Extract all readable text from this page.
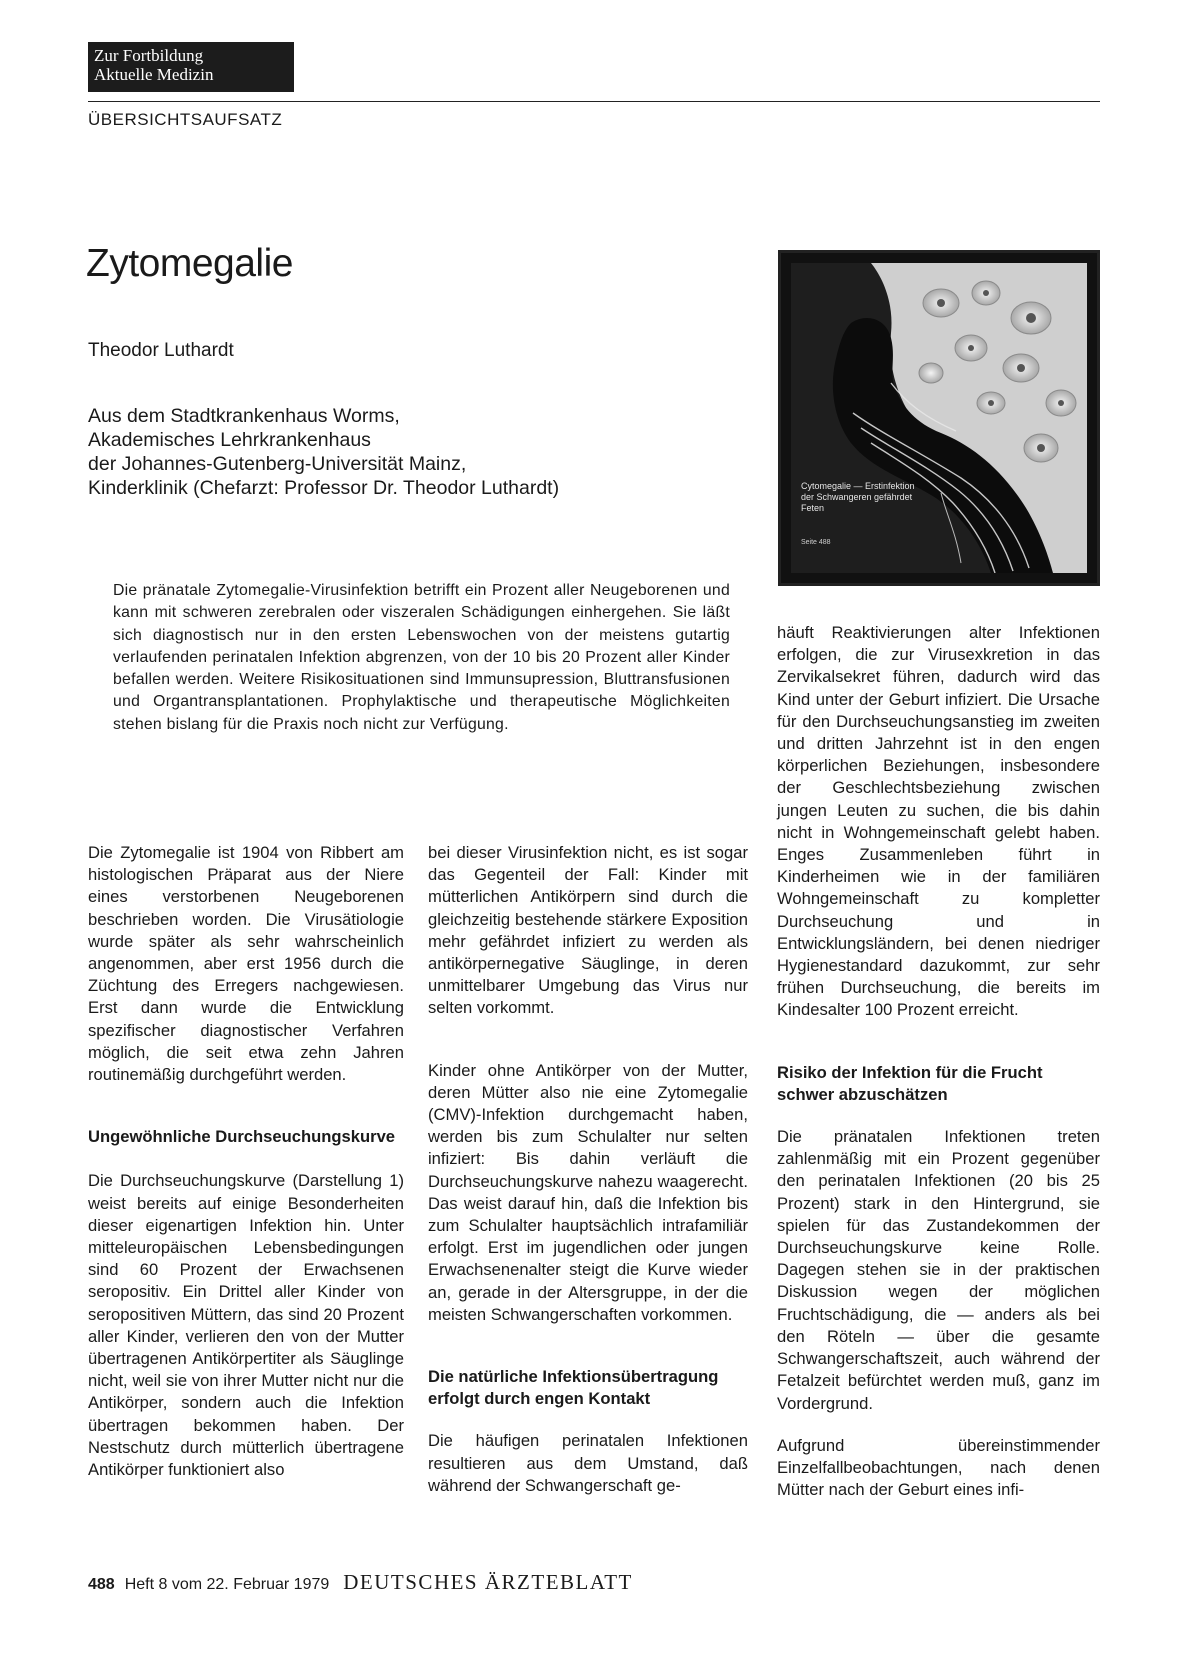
Zur Fortbildung
Aktuelle Medizin
ÜBERSICHTSAUFSATZ
Zytomegalie
Theodor Luthardt
Aus dem Stadtkrankenhaus Worms,
Akademisches Lehrkrankenhaus
der Johannes-Gutenberg-Universität Mainz,
Kinderklinik (Chefarzt: Professor Dr. Theodor Luthardt)	Cytomegalie — Erstinfektion der Schwangeren gefährdet Feten
Seite 488
Die pränatale Zytomegalie-Virusinfektion betrifft ein Prozent aller Neugeborenen und kann mit schweren zerebralen oder viszeralen Schädigungen einhergehen. Sie läßt sich diagnostisch nur in den ersten Lebenswochen von der meistens gutartig verlaufenden perinatalen Infektion abgrenzen, von der 10 bis 20 Prozent aller Kinder befallen werden. Weitere Risikosituationen sind Immunsupression, Bluttransfusionen und Organtransplantationen. Prophylaktische und therapeutische Möglichkeiten stehen bislang für die Praxis noch nicht zur Verfügung.

Die Zytomegalie ist 1904 von Ribbert am histologischen Präparat aus der Niere eines verstorbenen Neugeborenen beschrieben worden. Die Virusätiologie wurde später als sehr wahrscheinlich angenommen, aber erst 1956 durch die Züchtung des Erregers nachgewiesen. Erst dann wurde die Entwicklung spezifischer diagnostischer Verfahren möglich, die seit etwa zehn Jahren routinemäßig durchgeführt werden.

Ungewöhnliche Durchseuchungskurve

Die Durchseuchungskurve (Darstellung 1) weist bereits auf einige Besonderheiten dieser eigenartigen Infektion hin. Unter mitteleuropäischen Lebensbedingungen sind 60 Prozent der Erwachsenen seropositiv. Ein Drittel aller Kinder von seropositiven Müttern, das sind 20 Prozent aller Kinder, verlieren den von der Mutter übertragenen Antikörpertiter als Säuglinge nicht, weil sie von ihrer Mutter nicht nur die Antikörper, sondern auch die Infektion übertragen bekommen haben. Der Nestschutz durch mütterlich übertragene Antikörper funktioniert also

bei dieser Virusinfektion nicht, es ist sogar das Gegenteil der Fall: Kinder mit mütterlichen Antikörpern sind durch die gleichzeitig bestehende stärkere Exposition mehr gefährdet infiziert zu werden als antikörpernegative Säuglinge, in deren unmittelbarer Umgebung das Virus nur selten vorkommt.

Kinder ohne Antikörper von der Mutter, deren Mütter also nie eine Zytomegalie (CMV)-Infektion durchgemacht haben, werden bis zum Schulalter nur selten infiziert: Bis dahin verläuft die Durchseuchungskurve nahezu waagerecht. Das weist darauf hin, daß die Infektion bis zum Schulalter hauptsächlich intrafamiliär erfolgt. Erst im jugendlichen oder jungen Erwachsenenalter steigt die Kurve wieder an, gerade in der Altersgruppe, in der die meisten Schwangerschaften vorkommen.

Die natürliche Infektionsübertragung erfolgt durch engen Kontakt

Die häufigen perinatalen Infektionen resultieren aus dem Umstand, daß während der Schwangerschaft ge-

häuft Reaktivierungen alter Infektionen erfolgen, die zur Virusexkretion in das Zervikalsekret führen, dadurch wird das Kind unter der Geburt infiziert. Die Ursache für den Durchseuchungsanstieg im zweiten und dritten Jahrzehnt ist in den engen körperlichen Beziehungen, insbesondere der Geschlechtsbeziehung zwischen jungen Leuten zu suchen, die bis dahin nicht in Wohngemeinschaft gelebt haben. Enges Zusammenleben führt in Kinderheimen wie in der familiären Wohngemeinschaft zu kompletter Durchseuchung und in Entwicklungsländern, bei denen niedriger Hygienestandard dazukommt, zur sehr frühen Durchseuchung, die bereits im Kindesalter 100 Prozent erreicht.

Risiko der Infektion für die Frucht schwer abzuschätzen

Die pränatalen Infektionen treten zahlenmäßig mit ein Prozent gegenüber den perinatalen Infektionen (20 bis 25 Prozent) stark in den Hintergrund, sie spielen für das Zustandekommen der Durchseuchungskurve keine Rolle. Dagegen stehen sie in der praktischen Diskussion wegen der möglichen Fruchtschädigung, die — anders als bei den Röteln — über die gesamte Schwangerschaftszeit, auch während der Fetalzeit befürchtet werden muß, ganz im Vordergrund.

Aufgrund übereinstimmender Einzelfallbeobachtungen, nach denen Mütter nach der Geburt eines infi-

488 Heft 8 vom 22. Februar 1979 DEUTSCHES ÄRZTEBLATT
